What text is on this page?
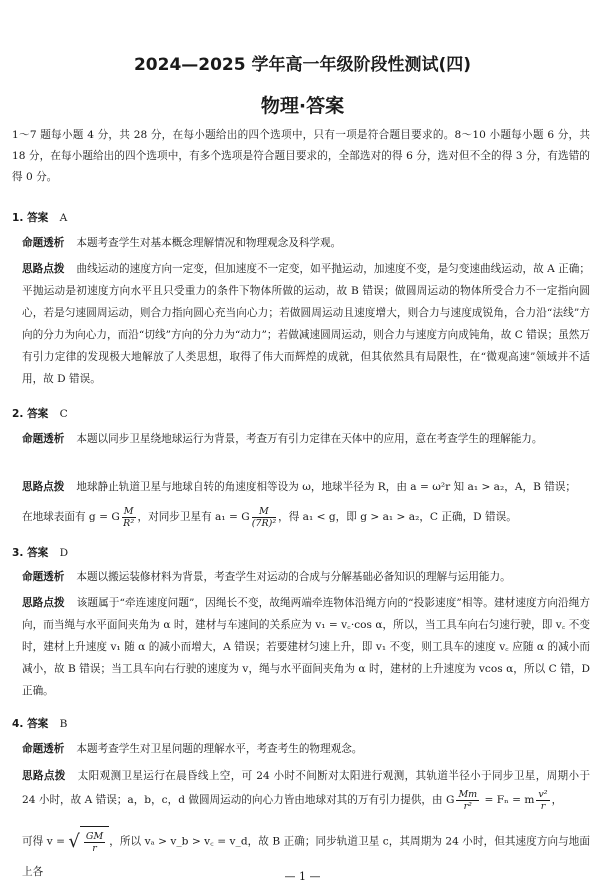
2024—2025 学年高一年级阶段性测试(四)
物理·答案
1～7 题每小题 4 分，共 28 分，在每小题给出的四个选项中，只有一项是符合题目要求的。8～10 小题每小题 6 分，共 18 分，在每小题给出的四个选项中，有多个选项是符合题目要求的，全部选对的得 6 分，选对但不全的得 3 分，有选错的得 0 分。
1. 答案 A
命题透析 本题考查学生对基本概念理解情况和物理观念及科学观。
思路点拨 曲线运动的速度方向一定变，但加速度不一定变，如平抛运动，加速度不变，是匀变速曲线运动，故 A 正确；平抛运动是初速度方向水平且只受重力的条件下物体所做的运动，故 B 错误；做圆周运动的物体所受合力不一定指向圆心，若是匀速圆周运动，则合力指向圆心充当向心力；若做圆周运动且速度增大，则合力与速度成锐角，合力沿“法线”方向的分力为向心力，而沿“切线”方向的分力为“动力”；若做减速圆周运动，则合力与速度方向成钝角，故 C 错误；虽然万有引力定律的发现极大地解放了人类思想，取得了伟大而辉煌的成就，但其依然具有局限性，在“微观高速”领域并不适用，故 D 错误。
2. 答案 C
命题透析 本题以同步卫星绕地球运行为背景，考查万有引力定律在天体中的应用，意在考查学生的理解能力。
思路点拨 地球静止轨道卫星与地球自转的角速度相等设为 ω，地球半径为 R，由 a = ω²r 知 a₁ > a₂，A，B 错误；
在地球表面有 g = G $\frac{M}{\text{R²}}$ ，对同步卫星有 a₁ = G $\frac{M}{\text{(7R)²}}$ ，得 a₁ < g，即 g > a₁ > a₂，C 正确，D 错误。
3. 答案 D
命题透析 本题以搬运装修材料为背景，考查学生对运动的合成与分解基础必备知识的理解与运用能力。
思路点拨 该题属于“牵连速度问题”，因绳长不变，故绳两端牵连物体沿绳方向的“投影速度”相等。建材速度方向沿绳方向，而当绳与水平面间夹角为 α 时，建材与车速间的关系应为 v₁ = v꜀·cos α，所以，当工具车向右匀速行驶，即 v꜀ 不变时，建材上升速度 v₁ 随 α 的减小而增大，A 错误；若要建材匀速上升，即 v₁ 不变，则工具车的速度 v꜀ 应随 α 的减小而减小，故 B 错误；当工具车向右行驶的速度为 v，绳与水平面间夹角为 α 时，建材的上升速度为 vcos α，所以 C 错，D 正确。
4. 答案 B
命题透析 本题考查学生对卫星问题的理解水平，考查考生的物理观念。
思路点拨 太阳观测卫星运行在晨昏线上空，可 24 小时不间断对太阳进行观测，其轨道半径小于同步卫星，周期小于 24 小时，故 A 错误；a，b，c，d 做圆周运动的向心力皆由地球对其的万有引力提供，由 G $\frac{Mm}{\text{r²}} = F_n = m \frac{\text{v²}}{r}$ ，
可得 v = √ $\frac{GM}{r}$ ，所以 vₐ > v_b > v꜀ = v_d，故 B 正确；同步轨道卫星 c，其周期为 24 小时，但其速度方向与地面上各	— 1 —
